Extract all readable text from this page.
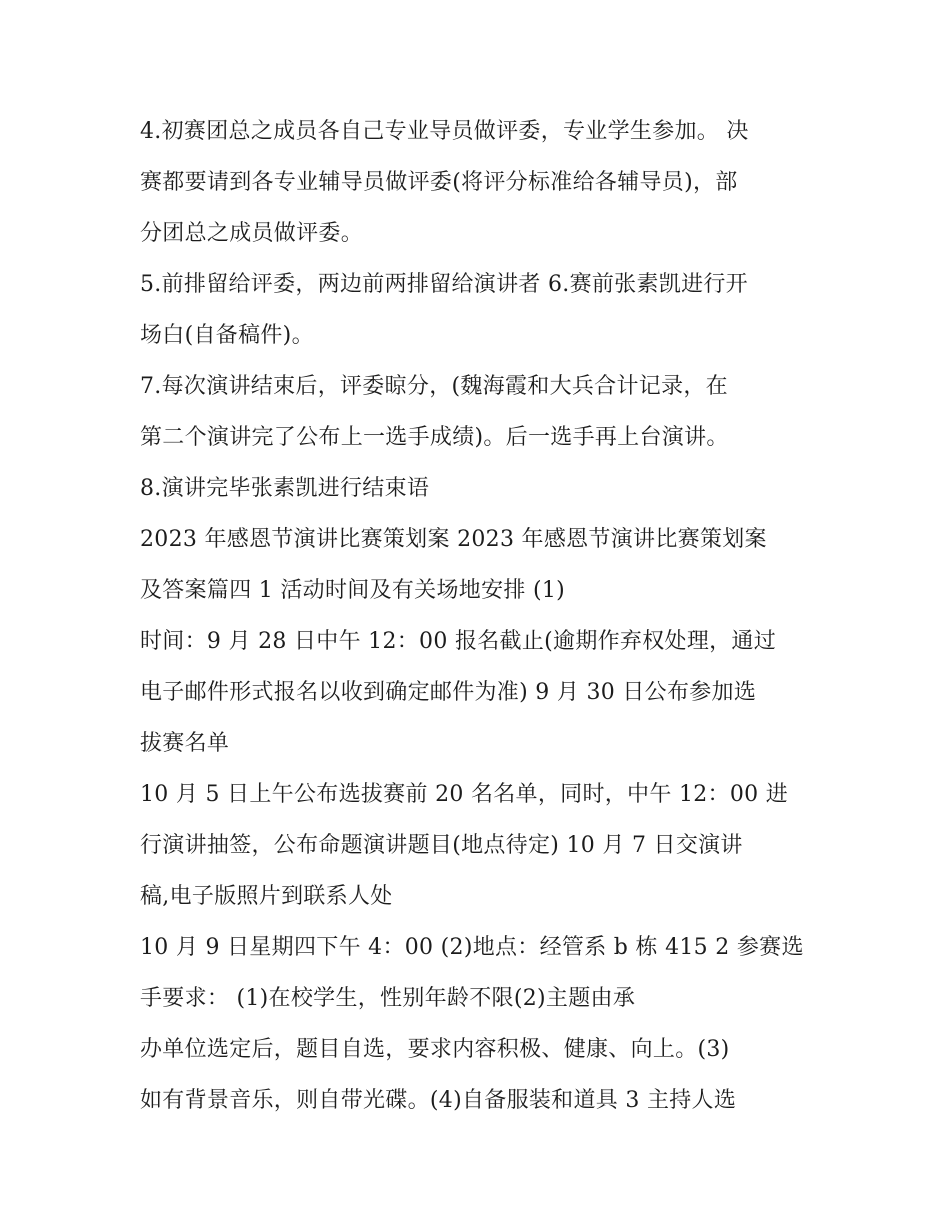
4.初赛团总之成员各自己专业导员做评委，专业学生参加。 决
赛都要请到各专业辅导员做评委(将评分标准给各辅导员)，部
分团总之成员做评委。
5.前排留给评委，两边前两排留给演讲者 6.赛前张素凯进行开
场白(自备稿件)。
7.每次演讲结束后，评委晾分，(魏海霞和大兵合计记录，在
第二个演讲完了公布上一选手成绩)。后一选手再上台演讲。
8.演讲完毕张素凯进行结束语
2023 年感恩节演讲比赛策划案 2023 年感恩节演讲比赛策划案
及答案篇四 1 活动时间及有关场地安排 (1)
时间：9 月 28 日中午 12：00 报名截止(逾期作弃权处理，通过
电子邮件形式报名以收到确定邮件为准) 9 月 30 日公布参加选
拔赛名单
10 月 5 日上午公布选拔赛前 20 名名单，同时，中午 12：00 进
行演讲抽签，公布命题演讲题目(地点待定) 10 月 7 日交演讲
稿,电子版照片到联系人处
10 月 9 日星期四下午 4：00 (2)地点：经管系 b 栋 415 2 参赛选
手要求： (1)在校学生，性别年龄不限(2)主题由承
办单位选定后，题目自选，要求内容积极、健康、向上。(3)
如有背景音乐，则自带光碟。(4)自备服装和道具 3 主持人选
